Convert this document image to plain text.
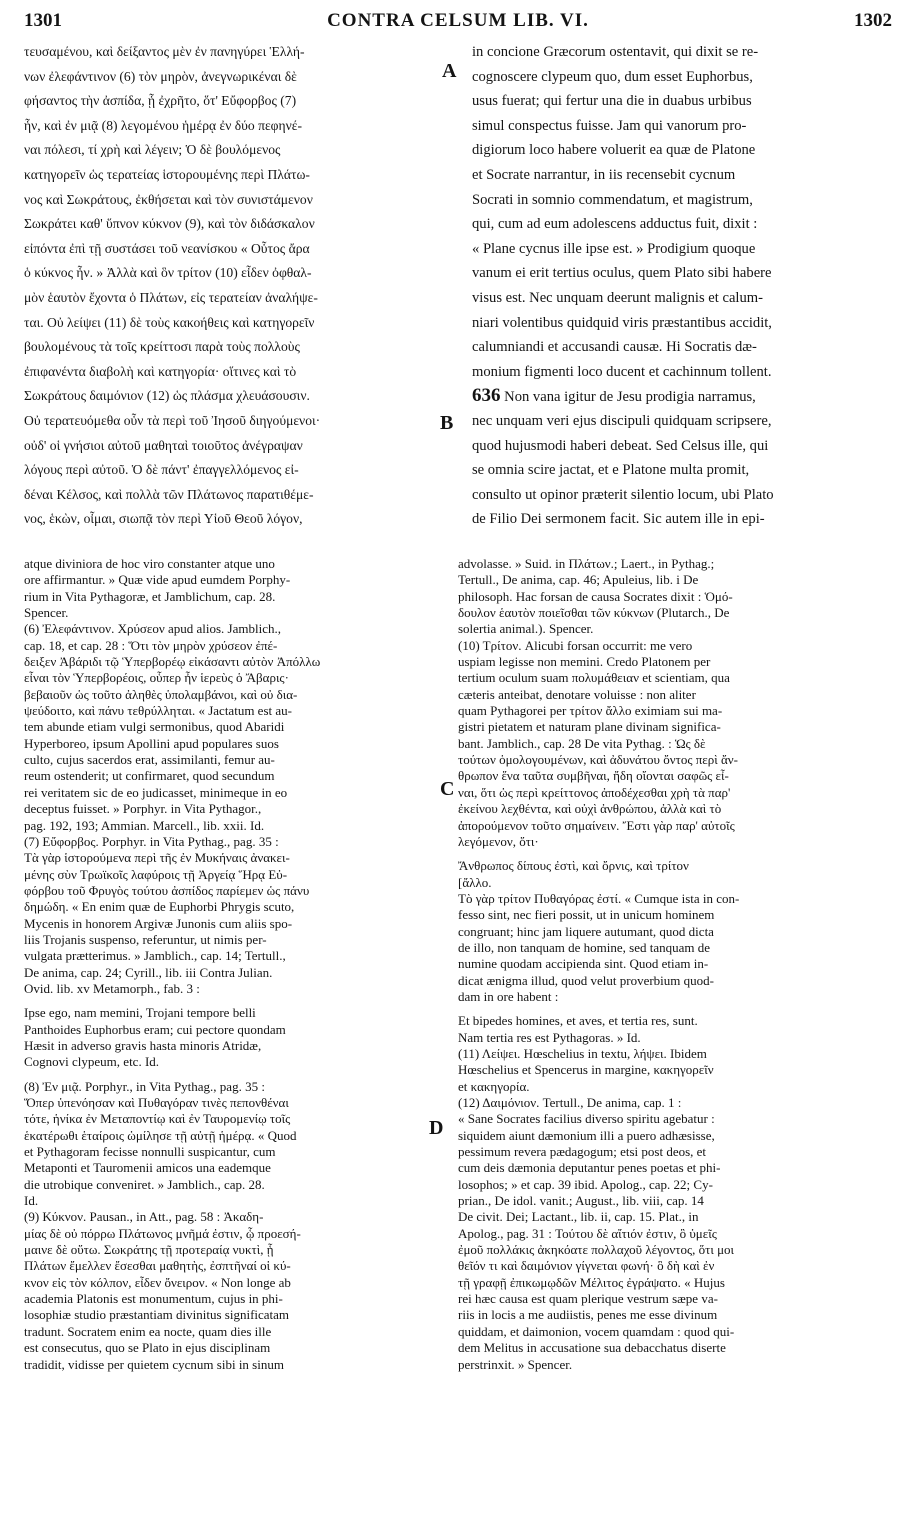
1301	CONTRA CELSUM LIB. VI.	1302
τευσαμένου, καὶ δείξαντος μὲν ἐν πανηγύρει Ἑλλή-
νων ἐλεφάντινον (6) τὸν μηρὸν, ἀνεγνωρικέναι δὲ
φήσαντος τὴν ἀσπίδα, ᾗ ἐχρῆτο, ὅτ' Εὔφορβος (7)
ἦν, καὶ ἐν μιᾷ (8) λεγομένου ἡμέρᾳ ἐν δύο πεφηνέ-
ναι πόλεσι, τί χρὴ καὶ λέγειν; Ὁ δὲ βουλόμενος
κατηγορεῖν ὡς τερατείας ἱστορουμένης περὶ Πλάτω-
νος καὶ Σωκράτους, ἐκθήσεται καὶ τὸν συνιστάμενον
Σωκράτει καθ' ὕπνον κύκνον (9), καὶ τὸν διδάσκαλον
εἰπόντα ἐπὶ τῇ συστάσει τοῦ νεανίσκου « Οὗτος ἄρα
ὁ κύκνος ἦν. » Ἀλλὰ καὶ ὃν τρίτον (10) εἶδεν ὀφθαλ-
μὸν ἑαυτὸν ἔχοντα ὁ Πλάτων, εἰς τερατείαν ἀναλήψε-
ται. Οὐ λείψει (11) δὲ τοὺς κακοήθεις καὶ κατηγορεῖν
βουλομένους τὰ τοῖς κρείττοσι παρὰ τοὺς πολλοὺς
ἐπιφανέντα διαβολὴ καὶ κατηγορία· οἵτινες καὶ τὸ
Σωκράτους δαιμόνιον (12) ὡς πλάσμα χλευάσουσιν.
Οὐ τερατευόμεθα οὖν τὰ περὶ τοῦ Ἰησοῦ διηγούμενοι·
οὐδ' οἱ γνήσιοι αὐτοῦ μαθηταὶ τοιοῦτος ἀνέγραψαν
λόγους περὶ αὐτοῦ. Ὁ δὲ πάντ' ἐπαγγελλόμενος εἰ-
δέναι Κέλσος, καὶ πολλὰ τῶν Πλάτωνος παρατιθέμε-
νος, ἑκὼν, οἶμαι, σιωπᾷ τὸν περὶ Υἱοῦ Θεοῦ λόγον,
in concione Græcorum ostentavit, qui dixit se re-
cognoscere clypeum quo, dum esset Euphorbus,
usus fuerat; qui fertur una die in duabus urbibus
simul conspectus fuisse. Jam qui vanorum pro-
digiorum loco habere voluerit ea quæ de Platone
et Socrate narrantur, in iis recensebit cycnum
Socrati in somnio commendatum, et magistrum,
qui, cum ad eum adolescens adductus fuit, dixit :
« Plane cycnus ille ipse est. » Prodigium quoque
vanum ei erit tertius oculus, quem Plato sibi habere
visus est. Nec unquam deerunt malignis et calum-
niari volentibus quidquid viris præstantibus accidit,
calumniandi et accusandi causæ. Hi Socratis dæ-
monium figmenti loco ducent et cachinnum tollent.
636 Non vana igitur de Jesu prodigia narramus,
nec unquam veri ejus discipuli quidquam scripsere,
quod hujusmodi haberi debeat. Sed Celsus ille, qui
se omnia scire jactat, et e Platone multa promit,
consulto ut opinor præterit silentio locum, ubi Plato
de Filio Dei sermonem facit. Sic autem ille in epi-
A
B
C
D
atque diviniora de hoc viro constanter atque uno
ore affirmantur. » Quæ vide apud eumdem Porphy-
rium in Vita Pythagoræ, et Jamblichum, cap. 28.
Spencer.
(6) Ἐλεφάντινον. Χρύσεον apud alios. Jamblich.,
cap. 18, et cap. 28 : Ὅτι τὸν μηρὸν χρύσεον ἐπέ-
δειξεν Ἀβάριδι τῷ Ὑπερβορέῳ εἰκάσαντι αὐτὸν Ἀπόλλω
εἶναι τὸν Ὑπερβορέοις, οὗπερ ἦν ἱερεὺς ὁ Ἄβαρις·
βεβαιοῦν ὡς τοῦτο ἀληθὲς ὑπολαμβάνοι, καὶ οὐ δια-
ψεύδοιτο, καὶ πάνυ τεθρύλληται. « Jactatum est au-
tem abunde etiam vulgi sermonibus, quod Abaridi
Hyperboreo, ipsum Apollini apud populares suos
culto, cujus sacerdos erat, assimilanti, femur au-
reum ostenderit; ut confirmaret, quod secundum
rei veritatem sic de eo judicasset, minimeque in eo
deceptus fuisset. » Porphyr. in Vita Pythagor.,
pag. 192, 193; Ammian. Marcell., lib. xxii. Id.
(7) Εὔφορβος. Porphyr. in Vita Pythag., pag. 35 :
Τὰ γὰρ ἱστορούμενα περὶ τῆς ἐν Μυκήναις ἀνακει-
μένης σὺν Τρωϊκοῖς λαφύροις τῇ Ἀργείᾳ Ἥρᾳ Εὐ-
φόρβου τοῦ Φρυγὸς τούτου ἀσπίδος παρίεμεν ὡς πάνυ
δημώδη. « En enim quæ de Euphorbi Phrygis scuto,
Mycenis in honorem Argivæ Junonis cum aliis spo-
liis Trojanis suspenso, referuntur, ut nimis per-
vulgata prætterimus. » Jamblich., cap. 14; Tertull.,
De anima, cap. 24; Cyrill., lib. iii Contra Julian.
Ovid. lib. xv Metamorph., fab. 3 :
Ipse ego, nam memini, Trojani tempore belli
Panthoides Euphorbus eram; cui pectore quondam
Hæsit in adverso gravis hasta minoris Atridæ,
Cognovi clypeum, etc. Id.
(8) Ἐν μιᾷ. Porphyr., in Vita Pythag., pag. 35 :
Ὅπερ ὑπενόησαν καὶ Πυθαγόραν τινὲς πεπονθέναι
τότε, ἡνίκα ἐν Μεταποντίῳ καὶ ἐν Ταυρομενίῳ τοῖς
ἑκατέρωθι ἑταίροις ὡμίλησε τῇ αὐτῇ ἡμέρᾳ. « Quod
et Pythagoram fecisse nonnulli suspicantur, cum
Metaponti et Tauromenii amicos una eademque
die utrobique conveniret. » Jamblich., cap. 28.
Id.
(9) Κύκνον. Pausan., in Att., pag. 58 : Ἀκαδη-
μίας δὲ οὐ πόρρω Πλάτωνος μνῆμά ἐστιν, ᾧ προεσή-
μαινε δὲ οὕτω. Σωκράτης τῇ προτεραίᾳ νυκτὶ, ᾗ
Πλάτων ἔμελλεν ἔσεσθαι μαθητὴς, ἐσπτῆναί οἱ κύ-
κνον εἰς τὸν κόλπον, εἶδεν ὄνειρον. « Non longe ab
academia Platonis est monumentum, cujus in phi-
losophiæ studio præstantiam divinitus significatam
tradunt. Socratem enim ea nocte, quam dies ille
est consecutus, quo se Plato in ejus disciplinam
tradidit, vidisse per quietem cycnum sibi in sinum
advolasse. » Suid. in Πλάτων.; Laert., in Pythag.;
Tertull., De anima, cap. 46; Apuleius, lib. i De
philosoph. Hac forsan de causa Socrates dixit : Ὁμό-
δουλον ἑαυτὸν ποιεῖσθαι τῶν κύκνων (Plutarch., De
solertia animal.). Spencer.
(10) Τρίτον. Alicubi forsan occurrit: me vero
uspiam legisse non memini. Credo Platonem per
tertium oculum suam πολυμάθειαν et scientiam, qua
cæteris anteibat, denotare voluisse : non aliter
quam Pythagorei per τρίτον ἄλλο eximiam sui ma-
gistri pietatem et naturam plane divinam significa-
bant. Jamblich., cap. 28 De vita Pythag. : Ὡς δὲ
τούτων ὁμολογουμένων, καὶ ἀδυνάτου ὄντος περὶ ἄν-
θρωπον ἕνα ταῦτα συμβῆναι, ἤδη οἴονται σαφῶς εἶ-
ναι, ὅτι ὡς περὶ κρείττονος ἀποδέχεσθαι χρὴ τὰ παρ'
ἐκείνου λεχθέντα, καὶ οὐχὶ ἀνθρώπου, ἀλλὰ καὶ τὸ
ἀπορούμενον τοῦτο σημαίνειν. Ἔστι γὰρ παρ' αὐτοῖς
λεγόμενον, ὅτι·
Ἄνθρωπος δίπους ἐστὶ, καὶ ὄρνις, καὶ τρίτον
[ἄλλο.
Τὸ γὰρ τρίτον Πυθαγόρας ἐστί. « Cumque ista in con-
fesso sint, nec fieri possit, ut in unicum hominem
congruant; hinc jam liquere autumant, quod dicta
de illo, non tanquam de homine, sed tanquam de
numine quodam accipienda sint. Quod etiam in-
dicat ænigma illud, quod velut proverbium quod-
dam in ore habent :
Et bipedes homines, et aves, et tertia res, sunt.
Nam tertia res est Pythagoras. » Id.
(11) Λείψει. Hœschelius in textu, λήψει. Ibidem
Hœschelius et Spencerus in margine, κακηγορεῖν
et κακηγορία.
(12) Δαιμόνιον. Tertull., De anima, cap. 1 :
« Sane Socrates facilius diverso spiritu agebatur :
siquidem aiunt dæmonium illi a puero adhæsisse,
pessimum revera pædagogum; etsi post deos, et
cum deis dæmonia deputantur penes poetas et phi-
losophos; » et cap. 39 ibid. Apolog., cap. 22; Cy-
prian., De idol. vanit.; August., lib. viii, cap. 14
De civit. Dei; Lactant., lib. ii, cap. 15. Plat., in
Apolog., pag. 31 : Τούτου δὲ αἴτιόν ἐστιν, ὃ ὑμεῖς
ἐμοῦ πολλάκις ἀκηκόατε πολλαχοῦ λέγοντος, ὅτι μοι
θεῖόν τι καὶ δαιμόνιον γίγνεται φωνή· ὃ δὴ καὶ ἐν
τῇ γραφῇ ἐπικωμῳδῶν Μέλιτος ἐγράψατο. « Hujus
rei hæc causa est quam plerique vestrum sæpe va-
riis in locis a me audiistis, penes me esse divinum
quiddam, et daimonion, vocem quamdam : quod qui-
dem Melitus in accusatione sua debacchatus diserte
perstrinxit. » Spencer.
